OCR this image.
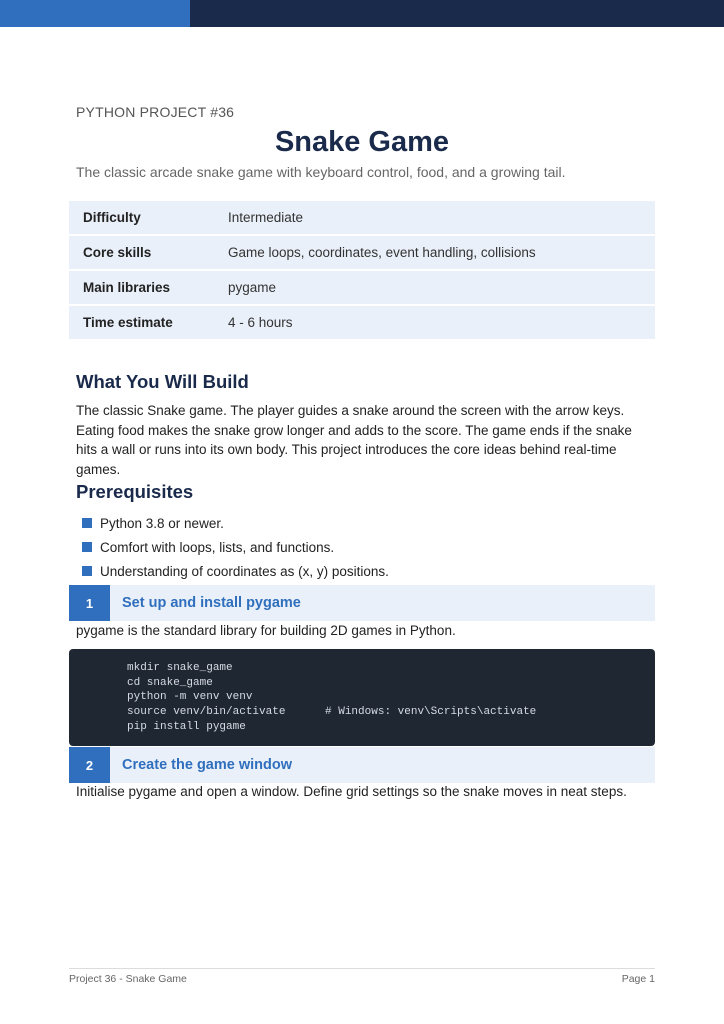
PYTHON PROJECT #36
Snake Game
The classic arcade snake game with keyboard control, food, and a growing tail.
Difficulty	Intermediate
Core skills	Game loops, coordinates, event handling, collisions
Main libraries	pygame
Time estimate	4 - 6 hours
What You Will Build
The classic Snake game. The player guides a snake around the screen with the arrow keys. Eating food makes the snake grow longer and adds to the score. The game ends if the snake hits a wall or runs into its own body. This project introduces the core ideas behind real-time games.
Prerequisites
Python 3.8 or newer.
Comfort with loops, lists, and functions.
Understanding of coordinates as (x, y) positions.
1	Set up and install pygame
pygame is the standard library for building 2D games in Python.
mkdir snake_game
cd snake_game
python -m venv venv
source venv/bin/activate      # Windows: venv\Scripts\activate
pip install pygame
2	Create the game window
Initialise pygame and open a window. Define grid settings so the snake moves in neat steps.
Project 36 - Snake Game	Page 1
